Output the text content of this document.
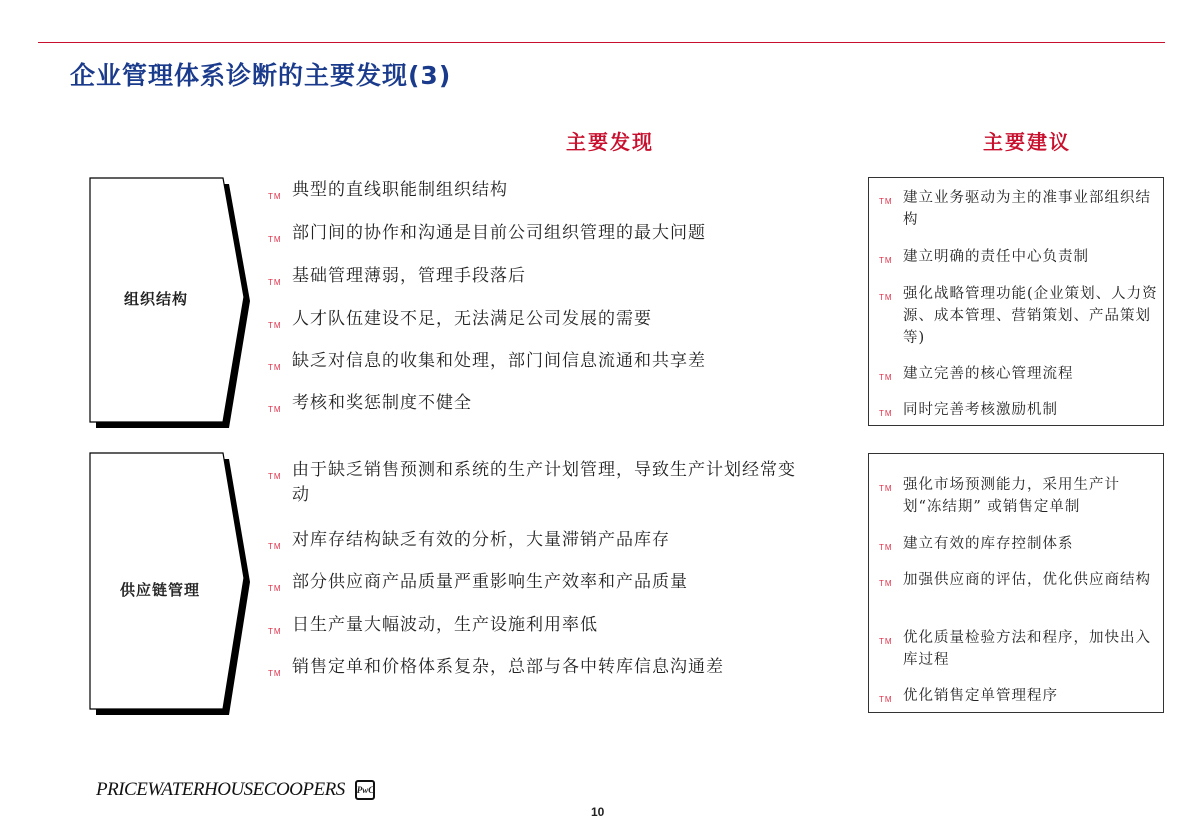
企业管理体系诊断的主要发现(3)
主要发现	主要建议
组织结构
TM 典型的直线职能制组织结构
TM 部门间的协作和沟通是目前公司组织管理的最大问题
TM 基础管理薄弱，管理手段落后
TM 人才队伍建设不足，无法满足公司发展的需要
TM 缺乏对信息的收集和处理，部门间信息流通和共享差
TM 考核和奖惩制度不健全
TM 建立业务驱动为主的准事业部组织结构
TM 建立明确的责任中心负责制
TM 强化战略管理功能(企业策划、人力资源、成本管理、营销策划、产品策划等)
TM 建立完善的核心管理流程
TM 同时完善考核激励机制
供应链管理
TM 由于缺乏销售预测和系统的生产计划管理，导致生产计划经常变动
TM 对库存结构缺乏有效的分析，大量滞销产品库存
TM 部分供应商产品质量严重影响生产效率和产品质量
TM 日生产量大幅波动，生产设施利用率低
TM 销售定单和价格体系复杂，总部与各中转库信息沟通差
TM 强化市场预测能力，采用生产计划“冻结期” 或销售定单制
TM 建立有效的库存控制体系
TM 加强供应商的评估，优化供应商结构
TM 优化质量检验方法和程序，加快出入库过程
TM 优化销售定单管理程序
PRICEWATERHOUSECOOPERS PwC
10
